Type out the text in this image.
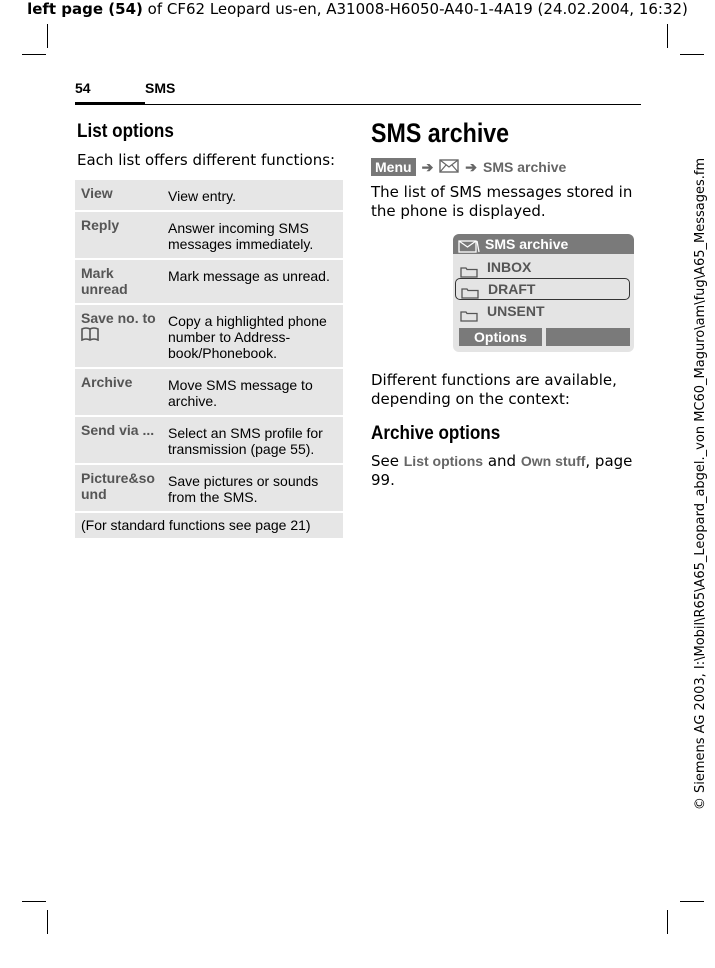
left page (54) of CF62 Leopard us-en, A31008-H6050-A40-1-4A19 (24.02.2004, 16:32)
© Siemens AG 2003, I:\Mobil\R65\A65_Leopard_abgel._von MC60_Maguro\am\fug\A65_Messages.fm
54	SMS
List options
Each list offers different functions:
View	View entry.
Reply	Answer incoming SMS messages immediately.
Mark unread	Mark message as unread.
Save no. to	Copy a highlighted phone number to Address-book/Phonebook.
Archive	Move SMS message to archive.
Send via ...	Select an SMS profile for transmission (page 55).
Picture&sound	Save pictures or sounds from the SMS.
(For standard functions see page 21)	
SMS archive
Menu ➔ ➔ SMS archive
The list of SMS messages stored in the phone is displayed.
SMS archive
INBOX
DRAFT
UNSENT
Options
Different functions are available, depending on the context:
Archive options
See List options and Own stuff, page 99.
